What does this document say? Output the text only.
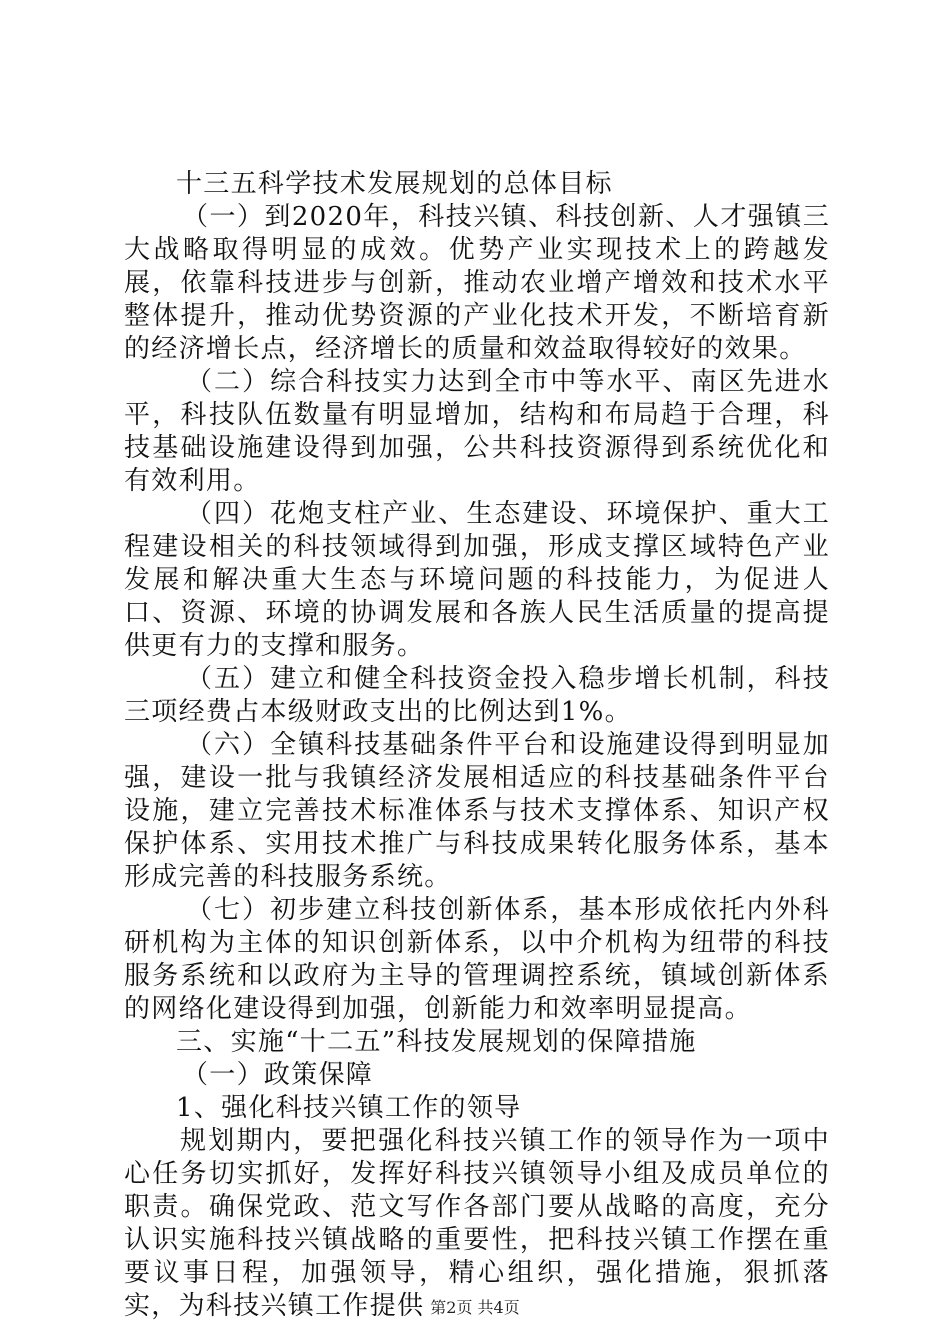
十三五科学技术发展规划的总体目标

（一）到2020年，科技兴镇、科技创新、人才强镇三大战略取得明显的成效。优势产业实现技术上的跨越发展，依靠科技进步与创新，推动农业增产增效和技术水平整体提升，推动优势资源的产业化技术开发，不断培育新的经济增长点，经济增长的质量和效益取得较好的效果。

（二）综合科技实力达到全市中等水平、南区先进水平，科技队伍数量有明显增加，结构和布局趋于合理，科技基础设施建设得到加强，公共科技资源得到系统优化和有效利用。

（四）花炮支柱产业、生态建设、环境保护、重大工程建设相关的科技领域得到加强，形成支撑区域特色产业发展和解决重大生态与环境问题的科技能力，为促进人口、资源、环境的协调发展和各族人民生活质量的提高提供更有力的支撑和服务。

（五）建立和健全科技资金投入稳步增长机制，科技三项经费占本级财政支出的比例达到1%。

（六）全镇科技基础条件平台和设施建设得到明显加强，建设一批与我镇经济发展相适应的科技基础条件平台设施，建立完善技术标准体系与技术支撑体系、知识产权保护体系、实用技术推广与科技成果转化服务体系，基本形成完善的科技服务系统。

（七）初步建立科技创新体系，基本形成依托内外科研机构为主体的知识创新体系，以中介机构为纽带的科技服务系统和以政府为主导的管理调控系统，镇域创新体系的网络化建设得到加强，创新能力和效率明显提高。

三、实施“十二五”科技发展规划的保障措施

（一）政策保障

1、强化科技兴镇工作的领导

规划期内，要把强化科技兴镇工作的领导作为一项中心任务切实抓好，发挥好科技兴镇领导小组及成员单位的职责。确保党政、范文写作各部门要从战略的高度，充分认识实施科技兴镇战略的重要性，把科技兴镇工作摆在重要议事日程，加强领导，精心组织，强化措施，狠抓落实，为科技兴镇工作提供 第2页 共4页
